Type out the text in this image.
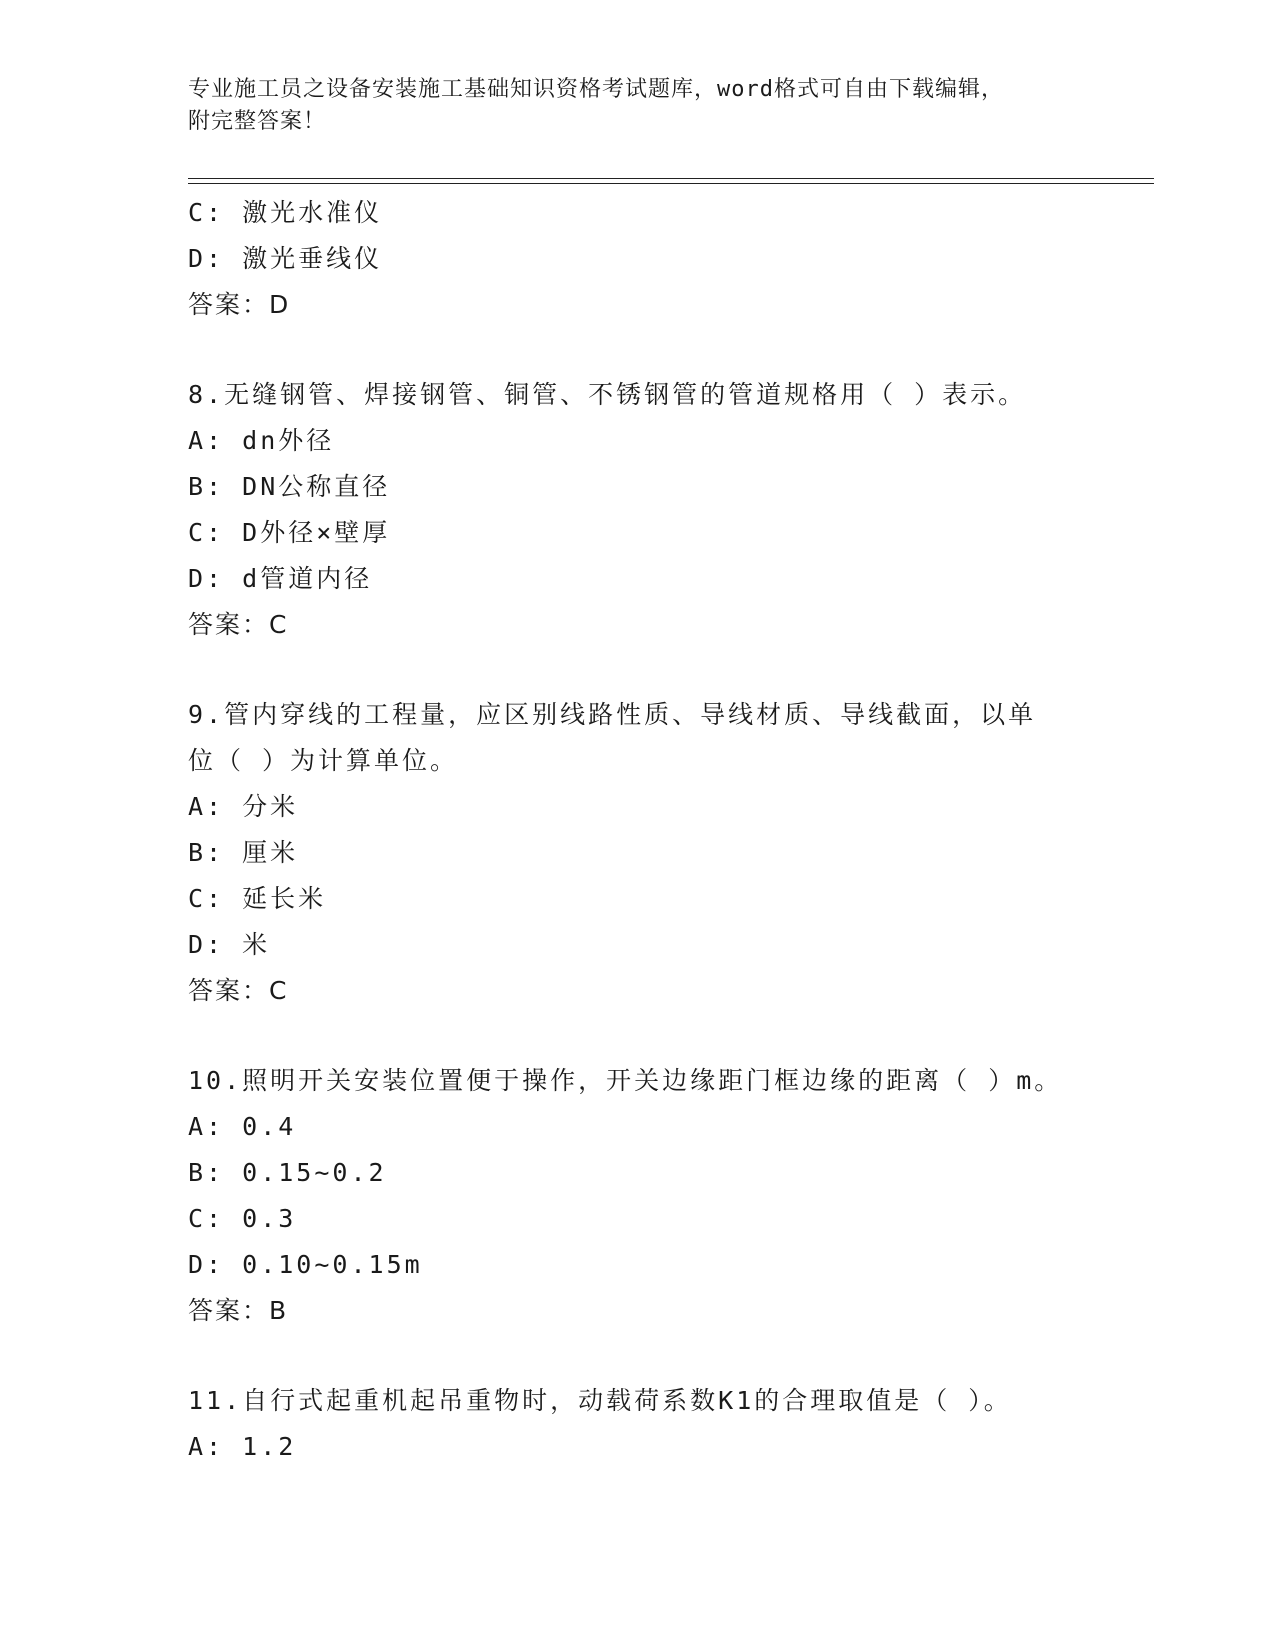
专业施工员之设备安装施工基础知识资格考试题库，word格式可自由下载编辑，
附完整答案！
C: 激光水准仪
D: 激光垂线仪
答案：D
8.无缝钢管、焊接钢管、铜管、不锈钢管的管道规格用（ ）表示。
A: dn外径
B: DN公称直径
C: D外径×壁厚
D: d管道内径
答案：C
9.管内穿线的工程量，应区别线路性质、导线材质、导线截面，以单
位（ ）为计算单位。
A: 分米
B: 厘米
C: 延长米
D: 米
答案：C
10.照明开关安装位置便于操作，开关边缘距门框边缘的距离（ ）m。
A: 0.4
B: 0.15~0.2
C: 0.3
D: 0.10~0.15m
答案：B
11.自行式起重机起吊重物时，动载荷系数K1的合理取值是（ ）。
A: 1.2
